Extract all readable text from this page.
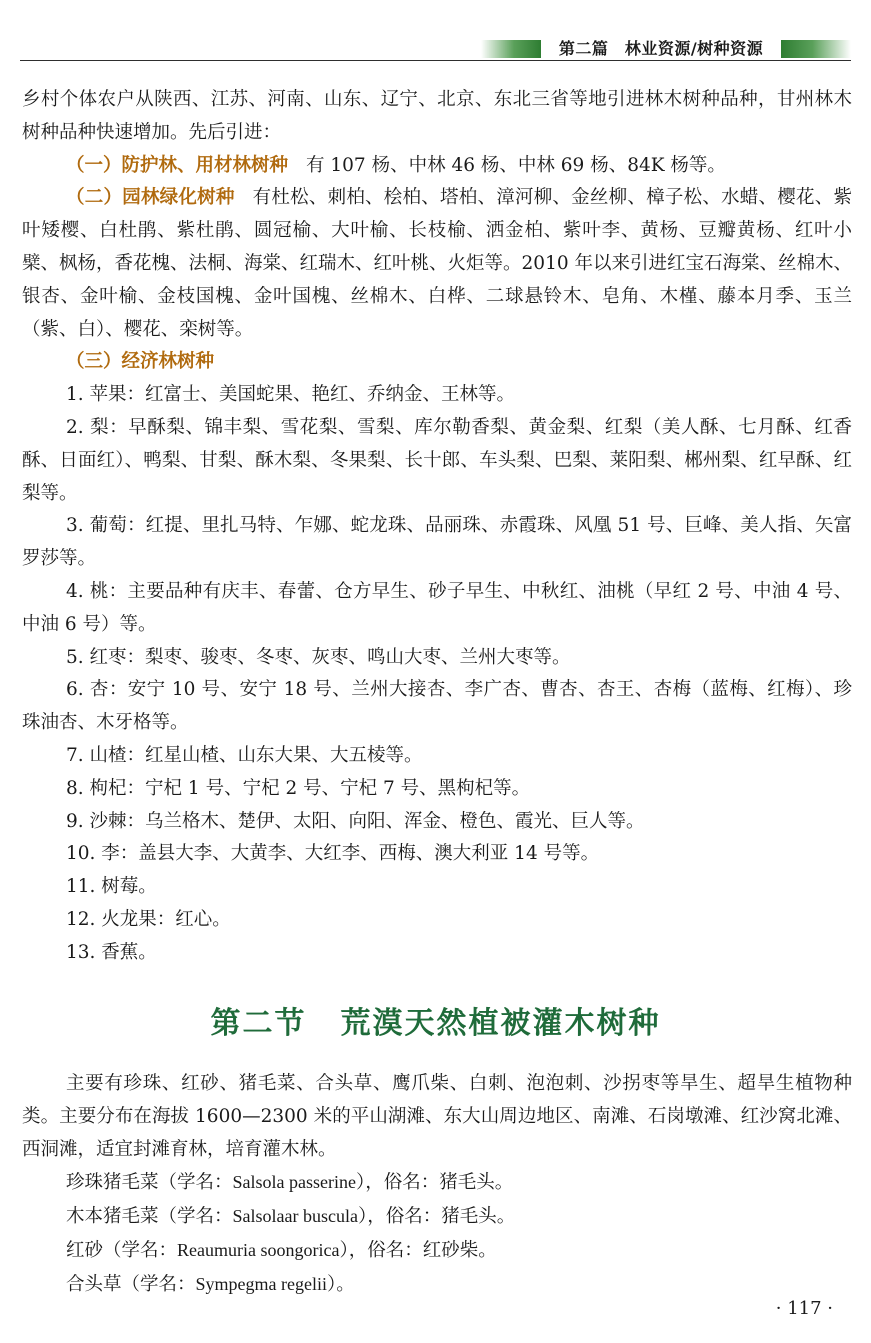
第二篇　林业资源/树种资源

乡村个体农户从陕西、江苏、河南、山东、辽宁、北京、东北三省等地引进林木树种品种，甘州林木树种品种快速增加。先后引进：

（一）防护林、用材林树种 有 107 杨、中林 46 杨、中林 69 杨、84K 杨等。

（二）园林绿化树种 有杜松、刺柏、桧柏、塔柏、漳河柳、金丝柳、樟子松、水蜡、樱花、紫叶矮樱、白杜鹃、紫杜鹃、圆冠榆、大叶榆、长枝榆、洒金柏、紫叶李、黄杨、豆瓣黄杨、红叶小檗、枫杨，香花槐、法桐、海棠、红瑞木、红叶桃、火炬等。2010 年以来引进红宝石海棠、丝棉木、银杏、金叶榆、金枝国槐、金叶国槐、丝棉木、白桦、二球悬铃木、皂角、木槿、藤本月季、玉兰（紫、白）、樱花、栾树等。

（三）经济林树种

1. 苹果：红富士、美国蛇果、艳红、乔纳金、王林等。

2. 梨：早酥梨、锦丰梨、雪花梨、雪梨、库尔勒香梨、黄金梨、红梨（美人酥、七月酥、红香酥、日面红）、鸭梨、甘梨、酥木梨、冬果梨、长十郎、车头梨、巴梨、莱阳梨、郴州梨、红早酥、红梨等。

3. 葡萄：红提、里扎马特、乍娜、蛇龙珠、品丽珠、赤霞珠、风凰 51 号、巨峰、美人指、矢富罗莎等。

4. 桃：主要品种有庆丰、春蕾、仓方早生、砂子早生、中秋红、油桃（早红 2 号、中油 4 号、中油 6 号）等。

5. 红枣：梨枣、骏枣、冬枣、灰枣、鸣山大枣、兰州大枣等。

6. 杏：安宁 10 号、安宁 18 号、兰州大接杏、李广杏、曹杏、杏王、杏梅（蓝梅、红梅）、珍珠油杏、木牙格等。

7. 山楂：红星山楂、山东大果、大五棱等。

8. 枸杞：宁杞 1 号、宁杞 2 号、宁杞 7 号、黑枸杞等。

9. 沙棘：乌兰格木、楚伊、太阳、向阳、浑金、橙色、霞光、巨人等。

10. 李：盖县大李、大黄李、大红李、西梅、澳大利亚 14 号等。

11. 树莓。

12. 火龙果：红心。

13. 香蕉。

第二节 荒漠天然植被灌木树种

主要有珍珠、红砂、猪毛菜、合头草、鹰爪柴、白刺、泡泡刺、沙拐枣等旱生、超旱生植物种类。主要分布在海拔 1600—2300 米的平山湖滩、东大山周边地区、南滩、石岗墩滩、红沙窝北滩、西洞滩，适宜封滩育林，培育灌木林。

珍珠猪毛菜（学名：Salsola passerine），俗名：猪毛头。

木本猪毛菜（学名：Salsolaar buscula），俗名：猪毛头。

红砂（学名：Reaumuria soongorica），俗名：红砂柴。

合头草（学名：Sympegma regelii）。

· 117 ·
